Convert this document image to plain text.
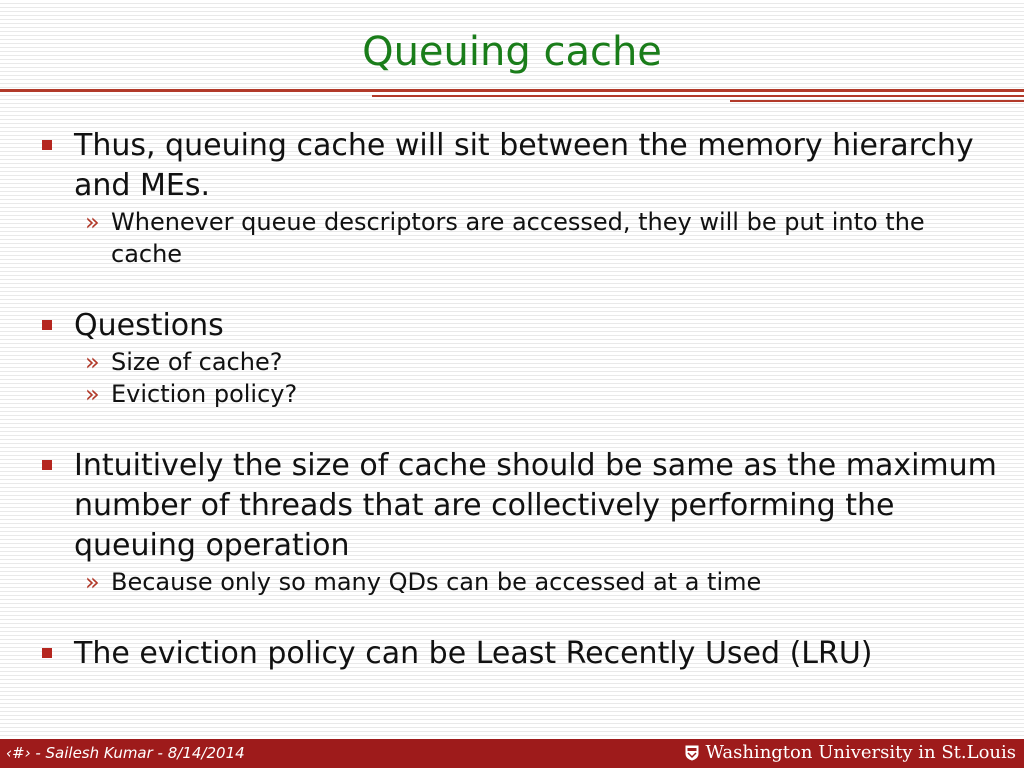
Queuing cache

Thus, queuing cache will sit between the memory hierarchy and MEs.

» Whenever queue descriptors are accessed, they will be put into the cache

Questions

» Size of cache?

» Eviction policy?

Intuitively the size of cache should be same as the maximum number of threads that are collectively performing the queuing operation

» Because only so many QDs can be accessed at a time

The eviction policy can be Least Recently Used (LRU)

‹#› - Sailesh Kumar - 8/14/2014	Washington University in St.Louis
